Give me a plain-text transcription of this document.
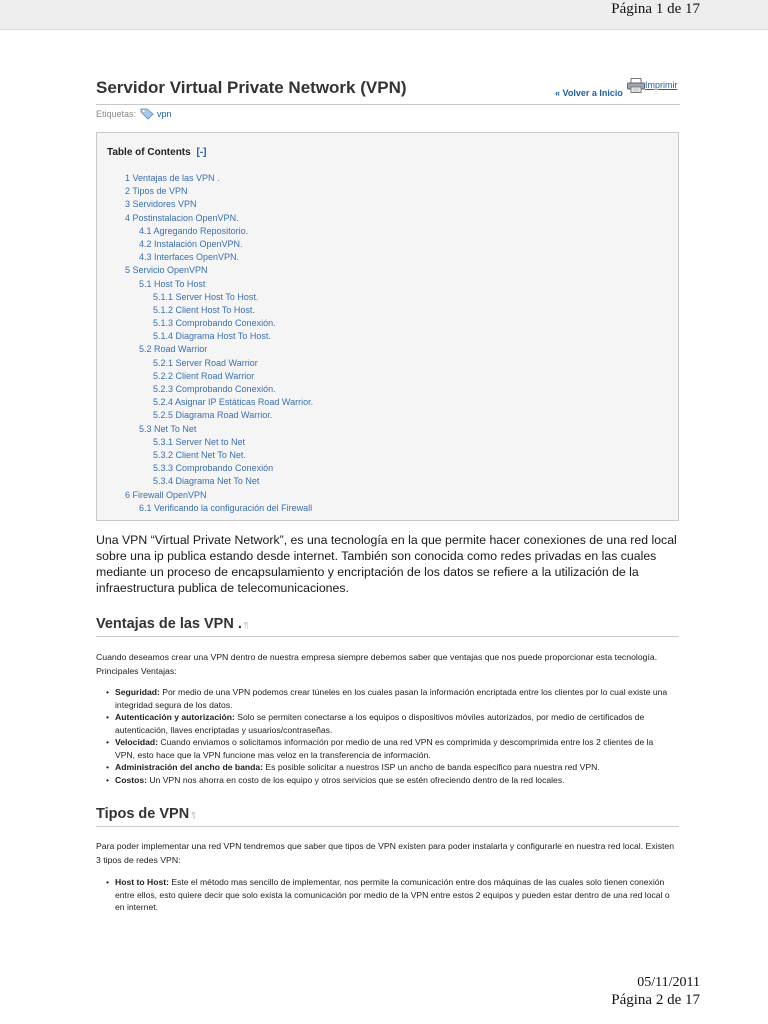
Página 1 de 17
Servidor Virtual Private Network (VPN)	« Volver a Inicio
Imprimir
Etiquetas: vpn
Table of Contents [-]
1 Ventajas de las VPN .
2 Tipos de VPN
3 Servidores VPN
4 Postinstalacion OpenVPN.
4.1 Agregando Repositorio.
4.2 Instalación OpenVPN.
4.3 Interfaces OpenVPN.
5 Servicio OpenVPN
5.1 Host To Host
5.1.1 Server Host To Host.
5.1.2 Client Host To Host.
5.1.3 Comprobando Conexión.
5.1.4 Diagrama Host To Host.
5.2 Road Warrior
5.2.1 Server Road Warrior
5.2.2 Client Road Warrior
5.2.3 Comprobando Conexión.
5.2.4 Asignar IP Estáticas Road Warrior.
5.2.5 Diagrama Road Warrior.
5.3 Net To Net
5.3.1 Server Net to Net
5.3.2 Client Net To Net.
5.3.3 Comprobando Conexión
5.3.4 Diagrama Net To Net
6 Firewall OpenVPN
6.1 Verificando la configuración del Firewall

Una VPN “Virtual Private Network”, es una tecnología en la que permite hacer conexiones de una red local sobre una ip publica estando desde internet. También son conocida como redes privadas en las cuales mediante un proceso de encapsulamiento y encriptación de los datos se refiere a la utilización de la infraestructura publica de telecomunicaciones.

Ventajas de las VPN . ¶

Cuando deseamos crear una VPN dentro de nuestra empresa siempre debemos saber que ventajas que nos puede proporcionar esta tecnología. Principales Ventajas:

• Seguridad: Por medio de una VPN podemos crear túneles en los cuales pasan la información encriptada entre los clientes por lo cual existe una integridad segura de los datos.
• Autenticación y autorización: Solo se permiten conectarse a los equipos o dispositivos móviles autorizados, por medio de certificados de autenticación, llaves encriptadas y usuarios/contraseñas.
• Velocidad: Cuando enviamos o solicitamos información por medio de una red VPN es comprimida y descomprimida entre los 2 clientes de la VPN, esto hace que la VPN funcione mas veloz en la transferencia de información.
• Administración del ancho de banda: Es posible solicitar a nuestros ISP un ancho de banda especifico para nuestra red VPN.
• Costos: Un VPN nos ahorra en costo de los equipo y otros servicios que se estén ofreciendo dentro de la red locales.
Tipos de VPN ¶

Para poder implementar una red VPN tendremos que saber que tipos de VPN existen para poder instalarla y configurarle en nuestra red local. Existen 3 tipos de redes VPN:

• Host to Host: Este el método mas sencillo de implementar, nos permite la comunicación entre dos máquinas de las cuales solo tienen conexión entre ellos, esto quiere decir que solo exista la comunicación por medio de la VPN entre estos 2 equipos y pueden estar dentro de una red local o en internet.
05/11/2011
Página 2 de 17
